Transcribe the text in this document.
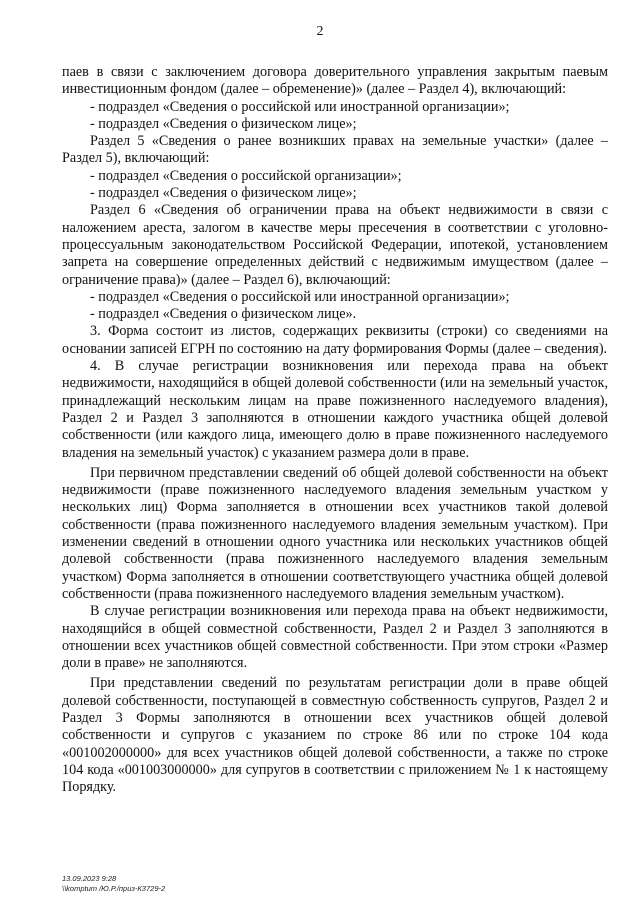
2

паев в связи с заключением договора доверительного управления закрытым паевым инвестиционным фондом (далее – обременение)» (далее – Раздел 4), включающий:

- подраздел «Сведения о российской или иностранной организации»;

- подраздел «Сведения о физическом лице»;

Раздел 5 «Сведения о ранее возникших правах на земельные участки» (далее – Раздел 5), включающий:

- подраздел «Сведения о российской организации»;

- подраздел «Сведения о физическом лице»;

Раздел 6 «Сведения об ограничении права на объект недвижимости в связи с наложением ареста, залогом в качестве меры пресечения в соответствии с уголовно-процессуальным законодательством Российской Федерации, ипотекой, установлением запрета на совершение определенных действий с недвижимым имуществом (далее – ограничение права)» (далее – Раздел 6), включающий:

- подраздел «Сведения о российской или иностранной организации»;

- подраздел «Сведения о физическом лице».

3. Форма состоит из листов, содержащих реквизиты (строки) со сведениями на основании записей ЕГРН по состоянию на дату формирования Формы (далее – сведения).

4. В случае регистрации возникновения или перехода права на объект недвижимости, находящийся в общей долевой собственности (или на земельный участок, принадлежащий нескольким лицам на праве пожизненного наследуемого владения), Раздел 2 и Раздел 3 заполняются в отношении каждого участника общей долевой собственности (или каждого лица, имеющего долю в праве пожизненного наследуемого владения на земельный участок) с указанием размера доли в праве.

При первичном представлении сведений об общей долевой собственности на объект недвижимости (праве пожизненного наследуемого владения земельным участком у нескольких лиц) Форма заполняется в отношении всех участников такой долевой собственности (права пожизненного наследуемого владения земельным участком). При изменении сведений в отношении одного участника или нескольких участников общей долевой собственности (права пожизненного наследуемого владения земельным участком) Форма заполняется в отношении соответствующего участника общей долевой собственности (права пожизненного наследуемого владения земельным участком).

В случае регистрации возникновения или перехода права на объект недвижимости, находящийся в общей совместной собственности, Раздел 2 и Раздел 3 заполняются в отношении всех участников общей совместной собственности. При этом строки «Размер доли в праве» не заполняются.

При представлении сведений по результатам регистрации доли в праве общей долевой собственности, поступающей в совместную собственность супругов, Раздел 2 и Раздел 3 Формы заполняются в отношении всех участников общей долевой собственности и супругов с указанием по строке 86 или по строке 104 кода «001002000000» для всех участников общей долевой собственности, а также по строке 104 кода «001003000000» для супругов в соответствии с приложением № 1 к настоящему Порядку.

13.09.2023 9:28
\\komptum /Ю.Р./приз-К3729-2
